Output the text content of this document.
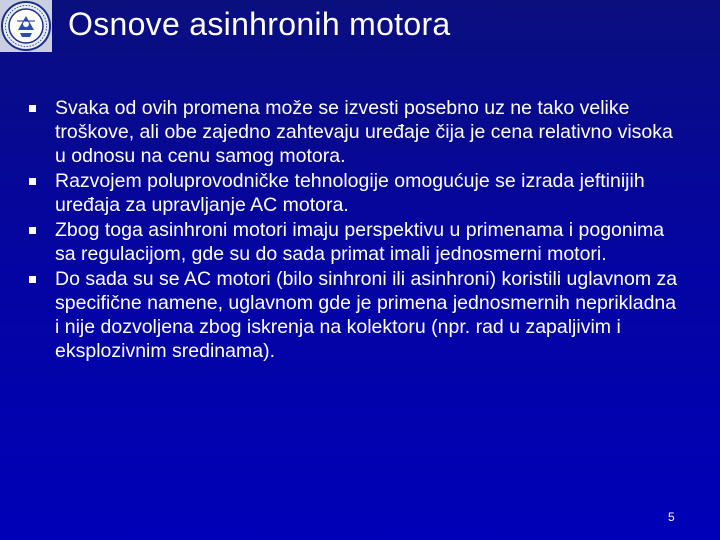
Osnove asinhronih motora
Svaka od ovih promena može se izvesti posebno uz ne tako velike troškove, ali obe zajedno zahtevaju uređaje čija je cena relativno visoka u odnosu na cenu samog motora.
Razvojem poluprovodničke tehnologije omogućuje se izrada jeftinijih uređaja za upravljanje AC motora.
Zbog toga asinhroni motori imaju perspektivu u primenama i pogonima sa regulacijom, gde su do sada primat imali jednosmerni motori.
Do sada su se AC motori (bilo sinhroni ili asinhroni) koristili uglavnom za specifične namene, uglavnom gde je primena jednosmernih neprikladna i nije dozvoljena zbog iskrenja na kolektoru (npr. rad u zapaljivim i eksplozivnim sredinama).
5
